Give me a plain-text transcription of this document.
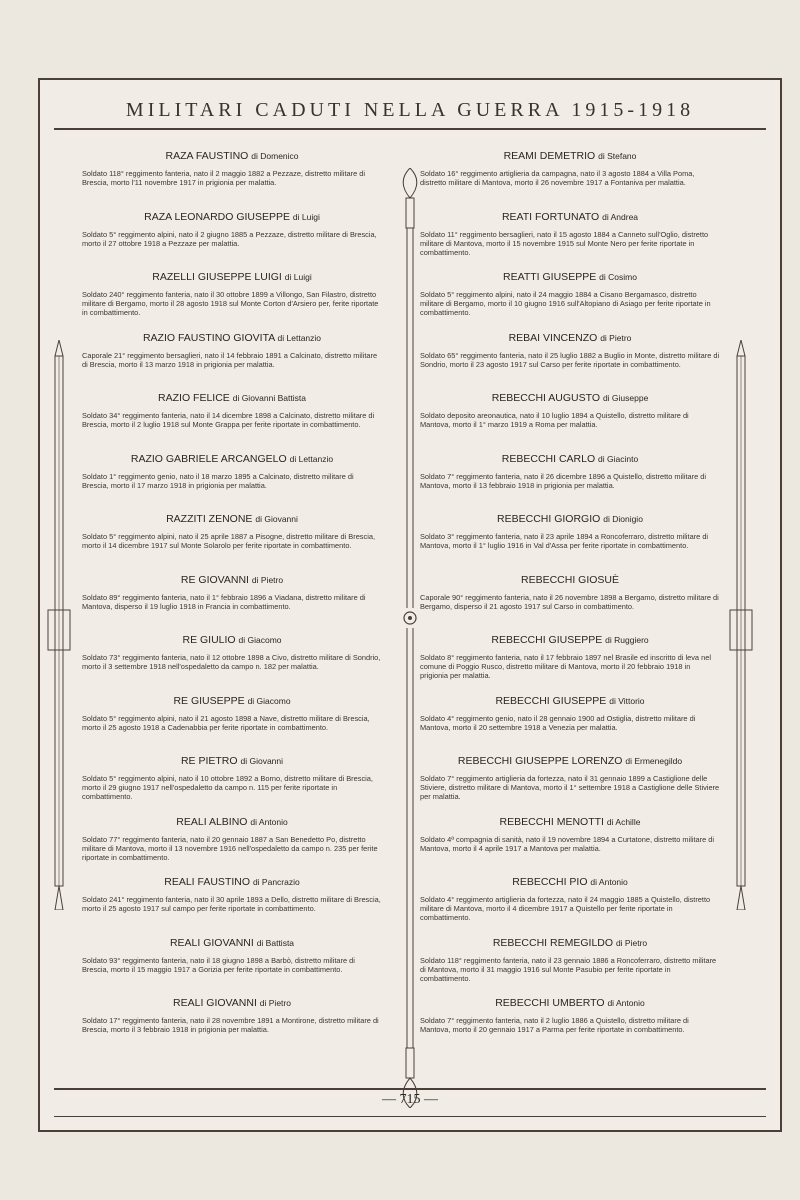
MILITARI CADUTI NELLA GUERRA 1915-1918
RAZA FAUSTINO di Domenico
Soldato 118° reggimento fanteria, nato il 2 maggio 1882 a Pezzaze, distretto militare di Brescia, morto l'11 novembre 1917 in prigionia per malattia.
RAZA LEONARDO GIUSEPPE di Luigi
Soldato 5° reggimento alpini, nato il 2 giugno 1885 a Pezzaze, distretto militare di Brescia, morto il 27 ottobre 1918 a Pezzaze per malattia.
RAZELLI GIUSEPPE LUIGI di Luigi
Soldato 240° reggimento fanteria, nato il 30 ottobre 1899 a Villongo, San Filastro, distretto militare di Bergamo, morto il 28 agosto 1918 sul Monte Corton d'Arsiero per, ferite riportate in combattimento.
RAZIO FAUSTINO GIOVITA di Lettanzio
Caporale 21° reggimento bersaglieri, nato il 14 febbraio 1891 a Calcinato, distretto militare di Brescia, morto il 13 marzo 1918 in prigionia per malattia.
RAZIO FELICE di Giovanni Battista
Soldato 34° reggimento fanteria, nato il 14 dicembre 1898 a Calcinato, distretto militare di Brescia, morto il 2 luglio 1918 sul Monte Grappa per ferite riportate in combattimento.
RAZIO GABRIELE ARCANGELO di Lettanzio
Soldato 1° reggimento genio, nato il 18 marzo 1895 a Calcinato, distretto militare di Brescia, morto il 17 marzo 1918 in prigionia per malattia.
RAZZITI ZENONE di Giovanni
Soldato 5° reggimento alpini, nato il 25 aprile 1887 a Pisogne, distretto militare di Brescia, morto il 14 dicembre 1917 sul Monte Solarolo per ferite riportate in combattimento.
RE GIOVANNI di Pietro
Soldato 89° reggimento fanteria, nato il 1° febbraio 1896 a Viadana, distretto militare di Mantova, disperso il 19 luglio 1918 in Francia in combattimento.
RE GIULIO di Giacomo
Soldato 73° reggimento fanteria, nato il 12 ottobre 1898 a Civo, distretto militare di Sondrio, morto il 3 settembre 1918 nell'ospedaletto da campo n. 182 per malattia.
RE GIUSEPPE di Giacomo
Soldato 5° reggimento alpini, nato il 21 agosto 1898 a Nave, distretto militare di Brescia, morto il 25 agosto 1918 a Cadenabbia per ferite riportate in combattimento.
RE PIETRO di Giovanni
Soldato 5° reggimento alpini, nato il 10 ottobre 1892 a Borno, distretto militare di Brescia, morto il 29 giugno 1917 nell'ospedaletto da campo n. 115 per ferite riportate in combattimento.
REALI ALBINO di Antonio
Soldato 77° reggimento fanteria, nato il 20 gennaio 1887 a San Benedetto Po, distretto militare di Mantova, morto il 13 novembre 1916 nell'ospedaletto da campo n. 235 per ferite riportate in combattimento.
REALI FAUSTINO di Pancrazio
Soldato 241° reggimento fanteria, nato il 30 aprile 1893 a Dello, distretto militare di Brescia, morto il 25 agosto 1917 sul campo per ferite riportate in combattimento.
REALI GIOVANNI di Battista
Soldato 93° reggimento fanteria, nato il 18 giugno 1898 a Barbò, distretto militare di Brescia, morto il 15 maggio 1917 a Gorizia per ferite riportate in combattimento.
REALI GIOVANNI di Pietro
Soldato 17° reggimento fanteria, nato il 28 novembre 1891 a Montirone, distretto militare di Brescia, morto il 3 febbraio 1918 in prigionia per malattia.
REAMI DEMETRIO di Stefano
Soldato 16° reggimento artiglieria da campagna, nato il 3 agosto 1884 a Villa Poma, distretto militare di Mantova, morto il 26 novembre 1917 a Fontaniva per malattia.
REATI FORTUNATO di Andrea
Soldato 11° reggimento bersaglieri, nato il 15 agosto 1884 a Canneto sull'Oglio, distretto militare di Mantova, morto il 15 novembre 1915 sul Monte Nero per ferite riportate in combattimento.
REATTI GIUSEPPE di Cosimo
Soldato 5° reggimento alpini, nato il 24 maggio 1884 a Cisano Bergamasco, distretto militare di Bergamo, morto il 10 giugno 1916 sull'Altopiano di Asiago per ferite riportate in combattimento.
REBAI VINCENZO di Pietro
Soldato 65° reggimento fanteria, nato il 25 luglio 1882 a Buglio in Monte, distretto militare di Sondrio, morto il 23 agosto 1917 sul Carso per ferite riportate in combattimento.
REBECCHI AUGUSTO di Giuseppe
Soldato deposito areonautica, nato il 10 luglio 1894 a Quistello, distretto militare di Mantova, morto il 1° marzo 1919 a Roma per malattia.
REBECCHI CARLO di Giacinto
Soldato 7° reggimento fanteria, nato il 26 dicembre 1896 a Quistello, distretto militare di Mantova, morto il 13 febbraio 1918 in prigionia per malattia.
REBECCHI GIORGIO di Dionigio
Soldato 3° reggimento fanteria, nato il 23 aprile 1894 a Roncoferraro, distretto militare di Mantova, morto il 1° luglio 1916 in Val d'Assa per ferite riportate in combattimento.
REBECCHI GIOSUÈ
Caporale 90° reggimento fanteria, nato il 26 novembre 1898 a Bergamo, distretto militare di Bergamo, disperso il 21 agosto 1917 sul Carso in combattimento.
REBECCHI GIUSEPPE di Ruggiero
Soldato 8° reggimento fanteria, nato il 17 febbraio 1897 nel Brasile ed inscritto di leva nel comune di Poggio Rusco, distretto militare di Mantova, morto il 20 febbraio 1918 in prigionia per malattia.
REBECCHI GIUSEPPE di Vittorio
Soldato 4° reggimento genio, nato il 28 gennaio 1900 ad Ostiglia, distretto militare di Mantova, morto il 20 settembre 1918 a Venezia per malattia.
REBECCHI GIUSEPPE LORENZO di Ermenegildo
Soldato 7° reggimento artiglieria da fortezza, nato il 31 gennaio 1899 a Castiglione delle Stiviere, distretto militare di Mantova, morto il 1° settembre 1918 a Castiglione delle Stiviere per malattia.
REBECCHI MENOTTI di Achille
Soldato 4ª compagnia di sanità, nato il 19 novembre 1894 a Curtatone, distretto militare di Mantova, morto il 4 aprile 1917 a Mantova per malattia.
REBECCHI PIO di Antonio
Soldato 4° reggimento artiglieria da fortezza, nato il 24 maggio 1885 a Quistello, distretto militare di Mantova, morto il 4 dicembre 1917 a Quistello per ferite riportate in combattimento.
REBECCHI REMEGILDO di Pietro
Soldato 118° reggimento fanteria, nato il 23 gennaio 1886 a Roncoferraro, distretto militare di Mantova, morto il 31 maggio 1916 sul Monte Pasubio per ferite riportate in combattimento.
REBECCHI UMBERTO di Antonio
Soldato 7° reggimento fanteria, nato il 2 luglio 1886 a Quistello, distretto militare di Mantova, morto il 20 gennaio 1917 a Parma per ferite riportate in combattimento.
— 715 —
